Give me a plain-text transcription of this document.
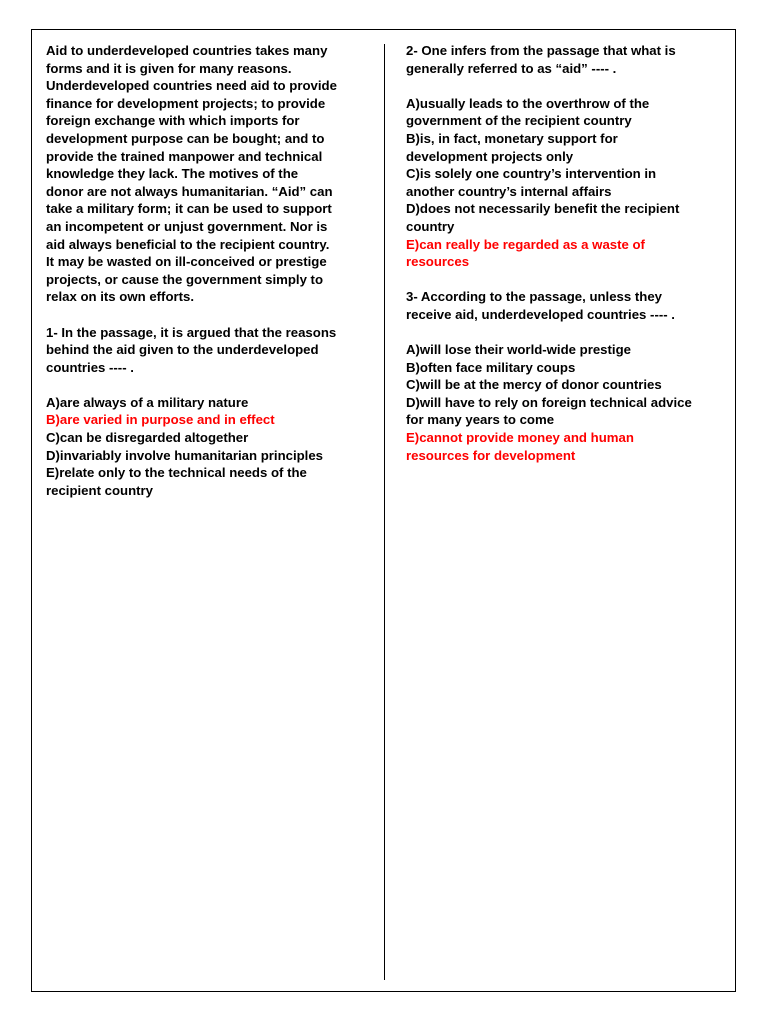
Aid to underdeveloped countries takes many
forms and it is given for many reasons.
Underdeveloped countries need aid to provide
finance for development projects; to provide
foreign exchange with which imports for
development purpose can be bought; and to
provide the trained manpower and technical
knowledge they lack. The motives of the
donor are not always humanitarian. “Aid” can
take a military form; it can be used to support
an incompetent or unjust government. Nor is
aid always beneficial to the recipient country.
It may be wasted on ill-conceived or prestige
projects, or cause the government simply to
relax on its own efforts.
1- In the passage, it is argued that the reasons
behind the aid given to the underdeveloped
countries ---- .
A)are always of a military nature
B)are varied in purpose and in effect
C)can be disregarded altogether
D)invariably involve humanitarian principles
E)relate only to the technical needs of the
recipient country
2- One infers from the passage that what is
generally referred to as “aid” ---- .
A)usually leads to the overthrow of the
government of the recipient country
B)is, in fact, monetary support for
development projects only
C)is solely one country’s intervention in
another country’s internal affairs
D)does not necessarily benefit the recipient
country
E)can really be regarded as a waste of
resources
3- According to the passage, unless they
receive aid, underdeveloped countries ---- .
A)will lose their world-wide prestige
B)often face military coups
C)will be at the mercy of donor countries
D)will have to rely on foreign technical advice
for many years to come
E)cannot provide money and human
resources for development
